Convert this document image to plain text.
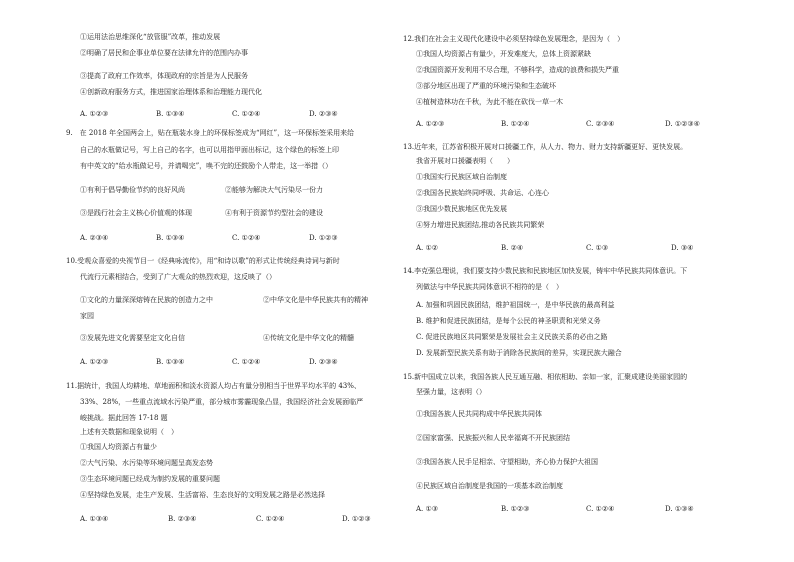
①运用法治思维深化“放管服”改革，推动发展
②明确了居民和企事业单位要在法律允许的范围内办事
③提高了政府工作效率，体现政府的宗旨是为人民服务
④创新政府服务方式，推进国家治理体系和治理能力现代化
A. ①②③	B. ①③④	C. ①②④	D. ②③④
9.　在 2018 年全国两会上，贴在瓶装水身上的环保标签成为“网红”，这一环保标签采用来给
自己的水瓶做记号，写上自己的名字，也可以用指甲面出标记，这个绿色的标签上印
有中英文的“给水瓶做记号，并请喝完”，唤不完的还鼓励个人带走，这一举措（）
①有利于倡导勤俭节约的良好风尚	②能够为解决大气污染尽一份力
③是践行社会主义核心价值观的体现	④有利于资源节约型社会的建设
A. ②③④	B. ①③④	C. ①②④	D. ①②③
10.受观众喜爱的央视节目一《经典咏流传》，用“和诗以歌”的形式让传统经典诗词与新时
代流行元素相结合，受到了广大观众的热烈欢迎，这反映了（）
①文化的力量深深熔铸在民族的创造力之中	②中华文化是中华民族共有的精神
家园
③发展先进文化需要坚定文化自信	④传统文化是中华文化的精髓
A. ①②③	B. ①③④	C. ①②④	D. ②③④
11.据统计，我国人均耕地、草地面积和淡水资源人均占有量分别相当于世界平均水平的 43%、
33%、28%，一些重点流域水污染严重，部分城市雾霾现象凸显，我国经济社会发展面临严
峻挑战。据此回答 17-18 题
上述有关数据和现象说明（　）
①我国人均资源占有量少
②大气污染、水污染等环境问题呈高发态势
③生态环境问题已经成为制约发展的重要问题
④坚持绿色发展，走生产发展、生活富裕、生态良好的文明发展之路是必然选择
A. ①③④	B. ②③④	C. ①②④	D. ①②③
12.我们在社会主义现代化建设中必须坚持绿色发展理念，是因为（　）
①我国人均资源占有量少，开发难度大，总体上资源紧缺
②我国资源开发利用不尽合理，不够科学，造成的浪费和损失严重
③部分地区出现了严重的环境污染和生态破坏
④植树造林功在千秋，为此不能在砍伐一草一木
A. ①②③	B. ①②④	C. ②③④	D. ①②③④
13.近年来，江苏省积极开展对口援疆工作，从人力、物力、财力支持新疆更好、更快发展。
我省开展对口援疆表明（　　）
①我国实行民族区域自治制度
②我国各民族始终同呼吸、共命运、心连心
③我国少数民族地区优先发展
④努力增进民族团结,推动各民族共同繁荣
A. ①②	B. ②④	C. ①③	D. ③④
14.李克强总理说，我们要支持少数民族和民族地区加快发展，铸牢中华民族共同体意识。下
列做法与中华民族共同体意识不相符的是（　）
A. 加强和巩固民族团结，维护祖国统一，是中华民族的最高利益
B. 维护和促进民族团结，是每个公民的神圣职责和光荣义务
C. 促进民族地区共同繁荣是发展社会主义民族关系的必由之路
D. 发展新型民族关系有助于消除各民族间的差异，实现民族大融合
15.新中国成立以来，我国各族人民互通互融、相依相助、亲如一家，汇聚成建设美丽家园的
坚强力量，这表明（）
①我国各族人民共同构成中华民族共同体
②国家富强、民族振兴和人民幸福离不开民族团结
③我国各族人民手足相亲、守望相助，齐心协力保护大祖国
④民族区域自治制度是我国的一项基本政治制度
A. ①③	B. ①②③	C. ①②④	D. ①③④
